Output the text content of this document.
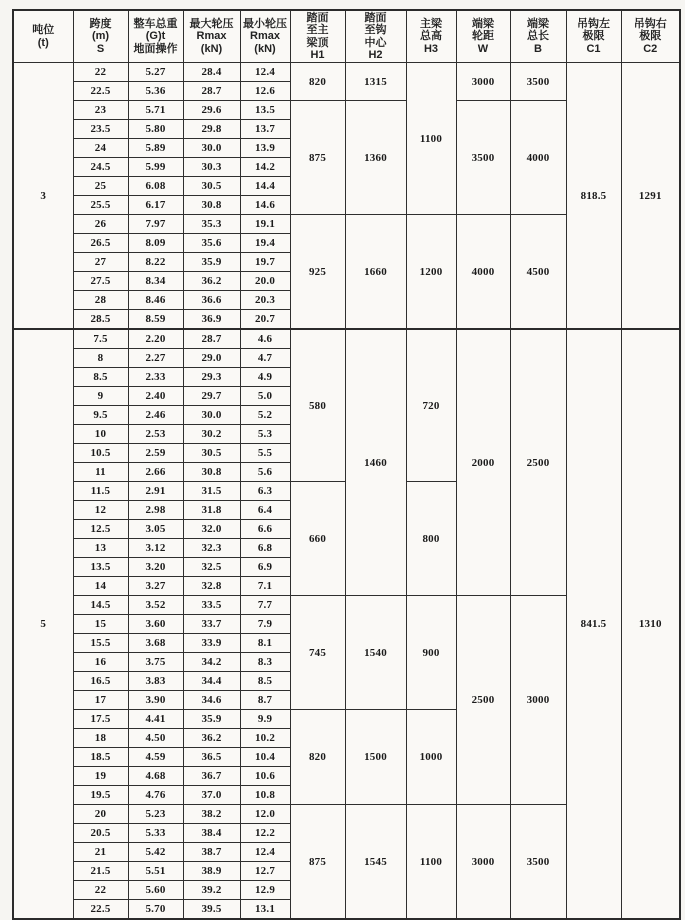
吨位
(t)	跨度
(m)
S	整车总重
(G)t
地面操作	最大轮压
Rmax
(kN)	最小轮压
Rmax
(kN)	踏面
至主
梁顶
H1	踏面
至钩
中心
H2	主梁
总高
H3	端梁
轮距
W	端梁
总长
B	吊钩左
极限
C1	吊钩右
极限
C2

3	22	5.27	28.4	12.4	820	1315	1100	3000	3500	818.5	1291
	22.5	5.36	28.7	12.6							
	23	5.71	29.6	13.5	875	1360		3500	4000		
	23.5	5.80	29.8	13.7							
	24	5.89	30.0	13.9							
	24.5	5.99	30.3	14.2							
	25	6.08	30.5	14.4							
	25.5	6.17	30.8	14.6							
	26	7.97	35.3	19.1	925	1660	1200	4000	4500		
	26.5	8.09	35.6	19.4							
	27	8.22	35.9	19.7							
	27.5	8.34	36.2	20.0							
	28	8.46	36.6	20.3							
	28.5	8.59	36.9	20.7							
5	7.5	2.20	28.7	4.6	580	1460	720	2000	2500	841.5	1310
	8	2.27	29.0	4.7							
	8.5	2.33	29.3	4.9							
	9	2.40	29.7	5.0							
	9.5	2.46	30.0	5.2							
	10	2.53	30.2	5.3							
	10.5	2.59	30.5	5.5							
	11	2.66	30.8	5.6							
	11.5	2.91	31.5	6.3	660		800				
	12	2.98	31.8	6.4							
	12.5	3.05	32.0	6.6							
	13	3.12	32.3	6.8							
	13.5	3.20	32.5	6.9							
	14	3.27	32.8	7.1							
	14.5	3.52	33.5	7.7	745	1540	900	2500	3000		
	15	3.60	33.7	7.9							
	15.5	3.68	33.9	8.1							
	16	3.75	34.2	8.3							
	16.5	3.83	34.4	8.5							
	17	3.90	34.6	8.7							
	17.5	4.41	35.9	9.9	820	1500	1000				
	18	4.50	36.2	10.2							
	18.5	4.59	36.5	10.4							
	19	4.68	36.7	10.6							
	19.5	4.76	37.0	10.8							
	20	5.23	38.2	12.0	875	1545	1100	3000	3500		
	20.5	5.33	38.4	12.2							
	21	5.42	38.7	12.4							
	21.5	5.51	38.9	12.7							
	22	5.60	39.2	12.9							
	22.5	5.70	39.5	13.1							
